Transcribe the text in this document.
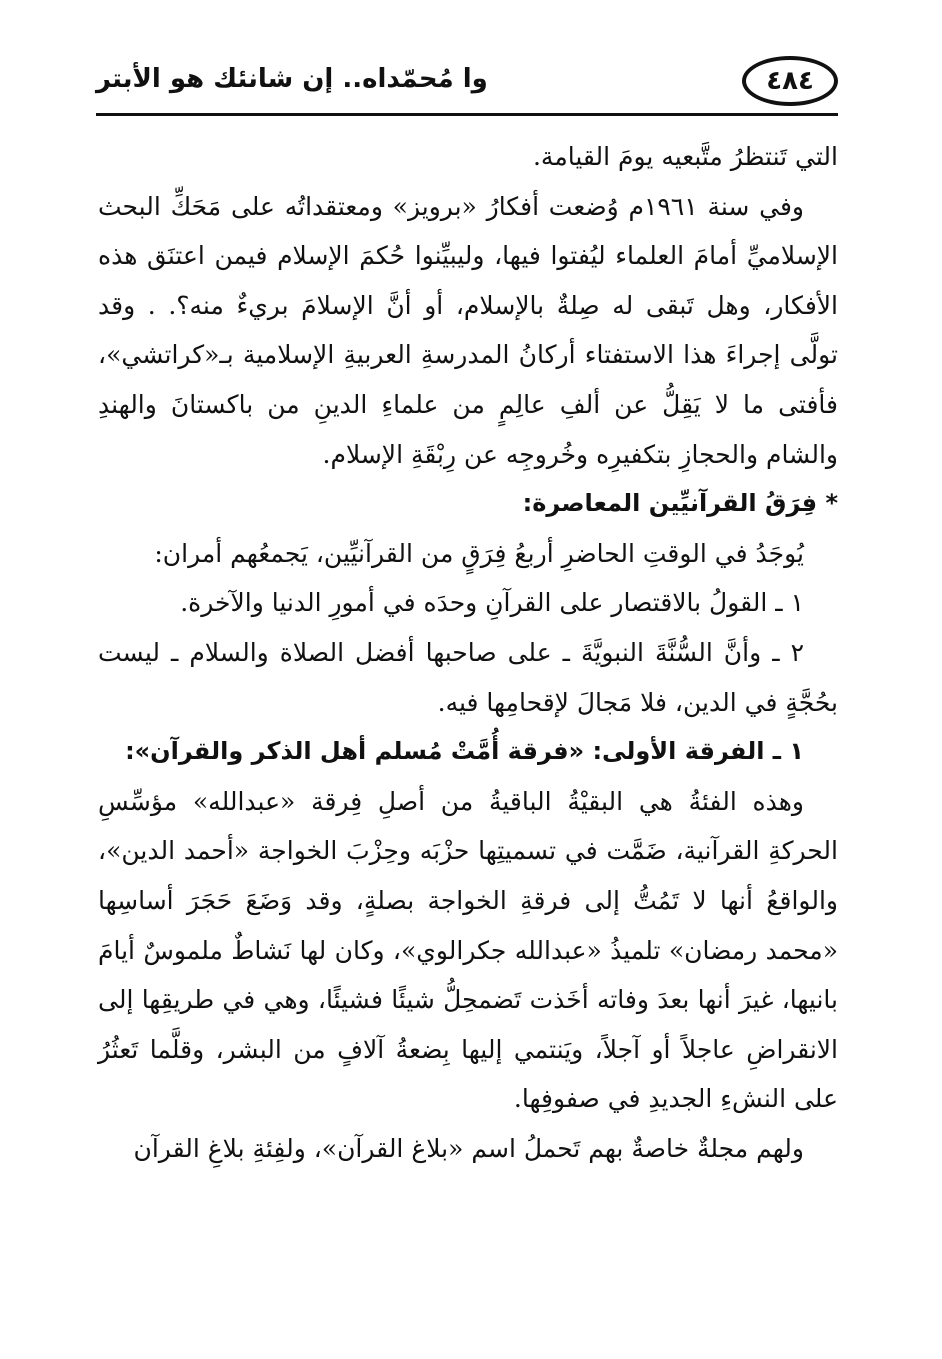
٤٨٤
وا مُحمّداه.. إن شانئك هو الأبتر

التي تَنتظرُ متَّبعيه يومَ القيامة.

وفي سنة ١٩٦١م وُضعت أفكارُ «برويز» ومعتقداتُه على مَحَكِّ البحث الإسلاميِّ أمامَ العلماء ليُفتوا فيها، وليبيِّنوا حُكمَ الإسلام فيمن اعتنَق هذه الأفكار، وهل تَبقى له صِلةٌ بالإسلام، أو أنَّ الإسلامَ بريءٌ منه؟. . وقد تولَّى إجراءَ هذا الاستفتاء أركانُ المدرسةِ العربيةِ الإسلامية بـ«كراتشي»، فأفتى ما لا يَقِلُّ عن ألفِ عالِمٍ من علماءِ الدينِ من باكستانَ والهندِ والشام والحجازِ بتكفيرِه وخُروجِه عن رِبْقَةِ الإسلام.

* فِرَقُ القرآنيِّين المعاصرة:

يُوجَدُ في الوقتِ الحاضرِ أربعُ فِرَقٍ من القرآنيِّين، يَجمعُهم أمران:

١ ـ القولُ بالاقتصار على القرآنِ وحدَه في أمورِ الدنيا والآخرة.

٢ ـ وأنَّ السُّنَّةَ النبويَّةَ ـ على صاحبها أفضل الصلاة والسلام ـ ليست بحُجَّةٍ في الدين، فلا مَجالَ لإقحامِها فيه.

١ ـ الفرقة الأولى: «فرقة أُمَّتْ مُسلم أهل الذكر والقرآن»:

وهذه الفئةُ هي البقيْةُ الباقيةُ من أصلِ فِرقة «عبدالله» مؤسِّسِ الحركةِ القرآنية، ضَمَّت في تسميتِها حزْبَه وحِزْبَ الخواجة «أحمد الدين»، والواقعُ أنها لا تَمُتُّ إلى فرقةِ الخواجة بصلةٍ، وقد وَضَعَ حَجَرَ أساسِها «محمد رمضان» تلميذُ «عبدالله جكرالوي»، وكان لها نَشاطٌ ملموسٌ أيامَ بانيها، غيرَ أنها بعدَ وفاته أخَذت تَضمحِلُّ شيئًا فشيئًا، وهي في طريقِها إلى الانقراضِ عاجلاً أو آجلاً، ويَنتمي إليها بِضعةُ آلافٍ من البشر، وقلَّما تَعثُرُ على النشءِ الجديدِ في صفوفِها.

ولهم مجلةٌ خاصةٌ بهم تَحملُ اسم «بلاغ القرآن»، ولفِئةِ بلاغِ القرآن
